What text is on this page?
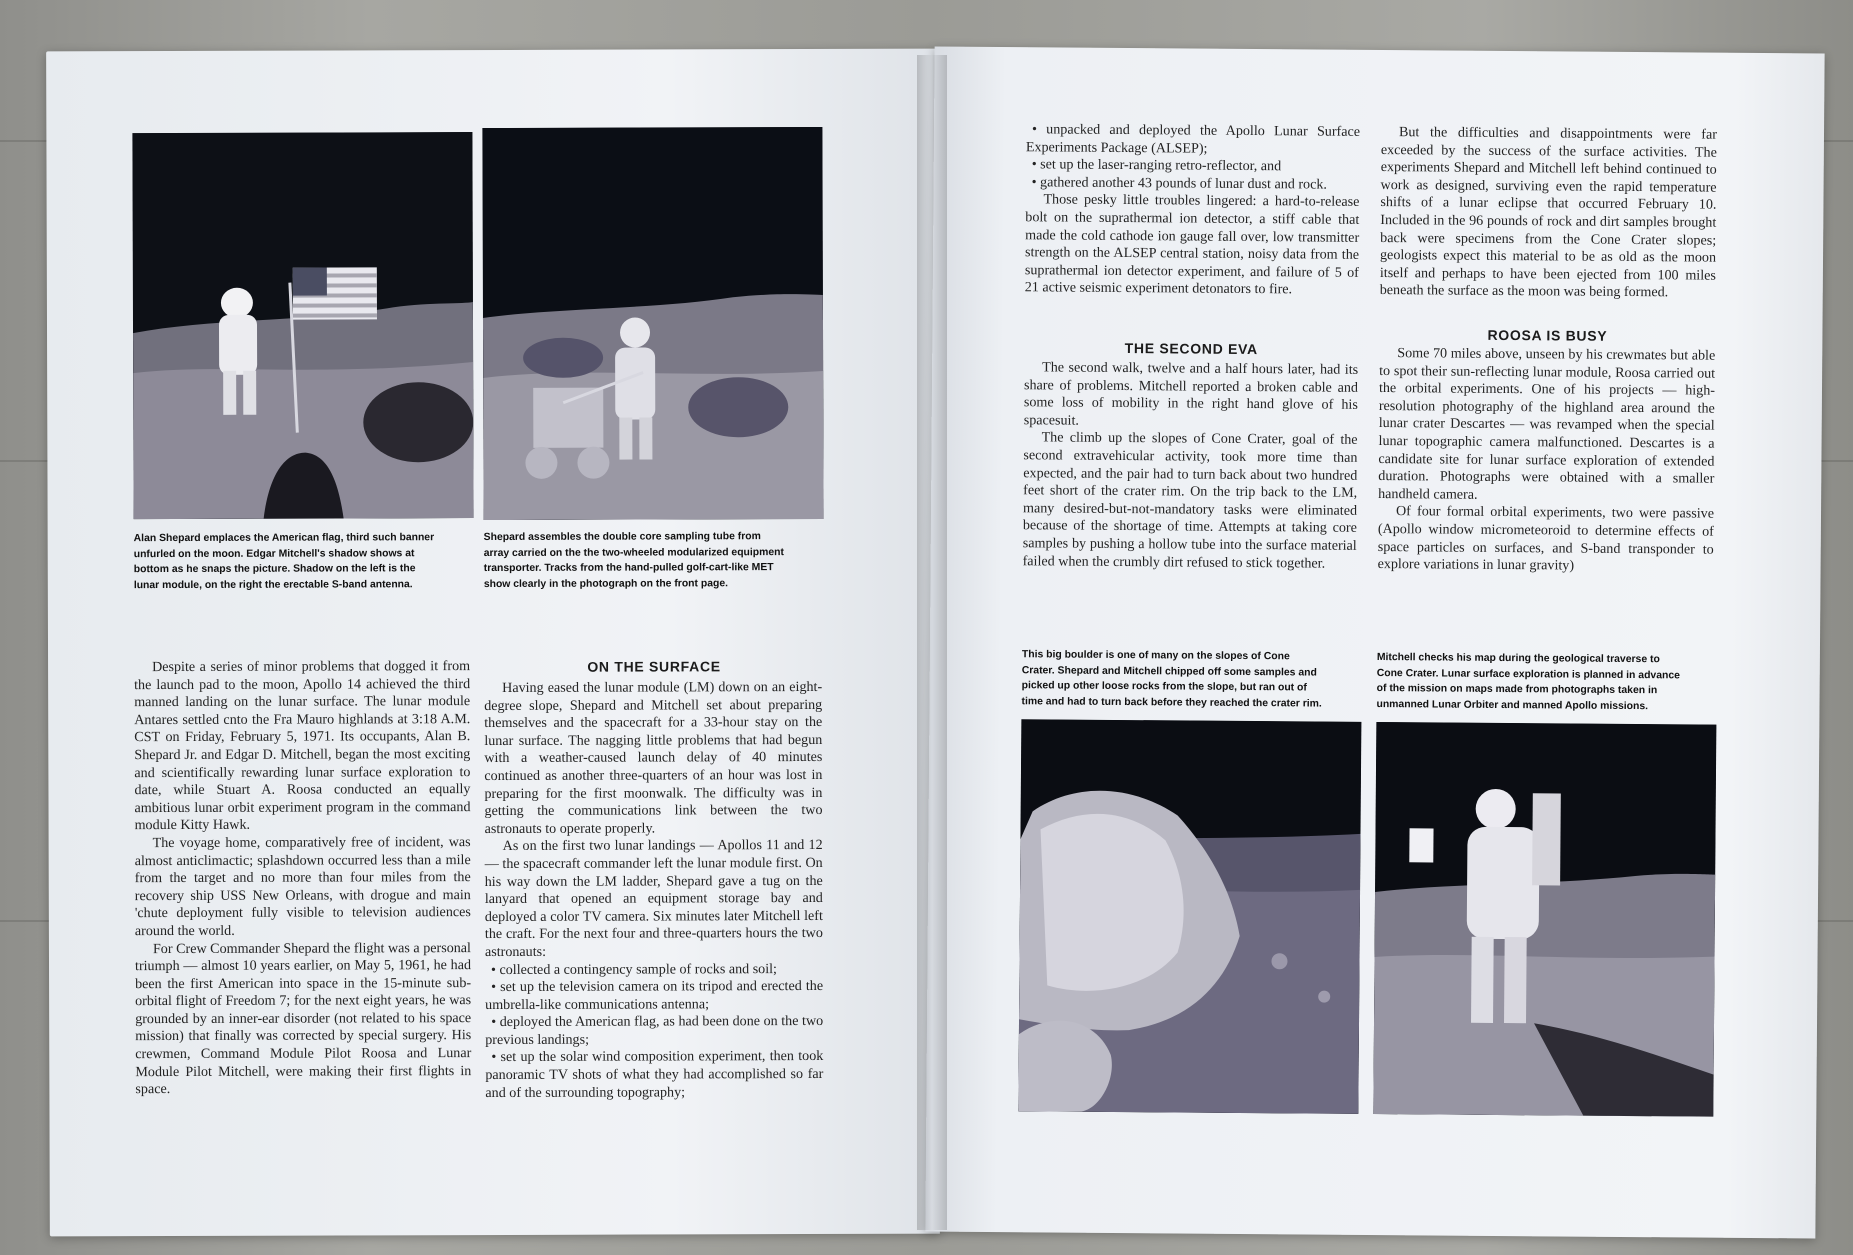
Alan Shepard emplaces the American flag, third such banner
unfurled on the moon. Edgar Mitchell's shadow shows at
bottom as he snaps the picture. Shadow on the left is the
lunar module, on the right the erectable S-band antenna.
Shepard assembles the double core sampling tube from
array carried on the the two-wheeled modularized equipment
transporter. Tracks from the hand-pulled golf-cart-like MET
show clearly in the photograph on the front page.

Despite a series of minor problems that dogged it from the launch pad to the moon, Apollo 14 achieved the third manned landing on the lunar surface. The lunar module Antares settled cnto the Fra Mauro highlands at 3:18 A.M. CST on Friday, February 5, 1971. Its occupants, Alan B. Shepard Jr. and Edgar D. Mitchell, began the most exciting and scientifically rewarding lunar surface exploration to date, while Stuart A. Roosa conducted an equally ambitious lunar orbit experiment program in the command module Kitty Hawk.

The voyage home, comparatively free of incident, was almost anticlimactic; splashdown occurred less than a mile from the target and no more than four miles from the recovery ship USS New Orleans, with drogue and main 'chute deployment fully visible to television audiences around the world.

For Crew Commander Shepard the flight was a personal triumph — almost 10 years earlier, on May 5, 1961, he had been the first American into space in the 15-minute sub-orbital flight of Freedom 7; for the next eight years, he was grounded by an inner-ear disorder (not related to his space mission) that finally was corrected by special surgery. His crewmen, Command Module Pilot Roosa and Lunar Module Pilot Mitchell, were making their first flights in space.

ON THE SURFACE

Having eased the lunar module (LM) down on an eight-degree slope, Shepard and Mitchell set about preparing themselves and the spacecraft for a 33-hour stay on the lunar surface. The nagging little problems that had begun with a weather-caused launch delay of 40 minutes continued as another three-quarters of an hour was lost in preparing for the first moonwalk. The difficulty was in getting the communications link between the two astronauts to operate properly.

As on the first two lunar landings — Apollos 11 and 12 — the spacecraft commander left the lunar module first. On his way down the LM ladder, Shepard gave a tug on the lanyard that opened an equipment storage bay and deployed a color TV camera. Six minutes later Mitchell left the craft. For the next four and three-quarters hours the two astronauts:

• collected a contingency sample of rocks and soil;

• set up the television camera on its tripod and erected the umbrella-like communications antenna;

• deployed the American flag, as had been done on the two previous landings;

• set up the solar wind composition experiment, then took panoramic TV shots of what they had accomplished so far and of the surrounding topography;

• unpacked and deployed the Apollo Lunar Surface Experiments Package (ALSEP);

• set up the laser-ranging retro-reflector, and

• gathered another 43 pounds of lunar dust and rock.

Those pesky little troubles lingered: a hard-to-release bolt on the suprathermal ion detector, a stiff cable that made the cold cathode ion gauge fall over, low transmitter strength on the ALSEP central station, noisy data from the suprathermal ion detector experiment, and failure of 5 of 21 active seismic experiment detonators to fire.

THE SECOND EVA

The second walk, twelve and a half hours later, had its share of problems. Mitchell reported a broken cable and some loss of mobility in the right hand glove of his spacesuit.

The climb up the slopes of Cone Crater, goal of the second extravehicular activity, took more time than expected, and the pair had to turn back about two hundred feet short of the crater rim. On the trip back to the LM, many desired-but-not-mandatory tasks were eliminated because of the shortage of time. Attempts at taking core samples by pushing a hollow tube into the surface material failed when the crumbly dirt refused to stick together.

But the difficulties and disappointments were far exceeded by the success of the surface activities. The experiments Shepard and Mitchell left behind continued to work as designed, surviving even the rapid temperature shifts of a lunar eclipse that occurred February 10. Included in the 96 pounds of rock and dirt samples brought back were specimens from the Cone Crater slopes; geologists expect this material to be as old as the moon itself and perhaps to have been ejected from 100 miles beneath the surface as the moon was being formed.

ROOSA IS BUSY

Some 70 miles above, unseen by his crewmates but able to spot their sun-reflecting lunar module, Roosa carried out the orbital experiments. One of his projects — high-resolution photography of the highland area around the lunar crater Descartes — was revamped when the special lunar topographic camera malfunctioned. Descartes is a candidate site for lunar surface exploration of extended duration. Photographs were obtained with a smaller handheld camera.

Of four formal orbital experiments, two were passive (Apollo window micrometeoroid to determine effects of space particles on surfaces, and S-band transponder to explore variations in lunar gravity)

This big boulder is one of many on the slopes of Cone
Crater. Shepard and Mitchell chipped off some samples and
picked up other loose rocks from the slope, but ran out of
time and had to turn back before they reached the crater rim.
Mitchell checks his map during the geological traverse to
Cone Crater. Lunar surface exploration is planned in advance
of the mission on maps made from photographs taken in
unmanned Lunar Orbiter and manned Apollo missions.
